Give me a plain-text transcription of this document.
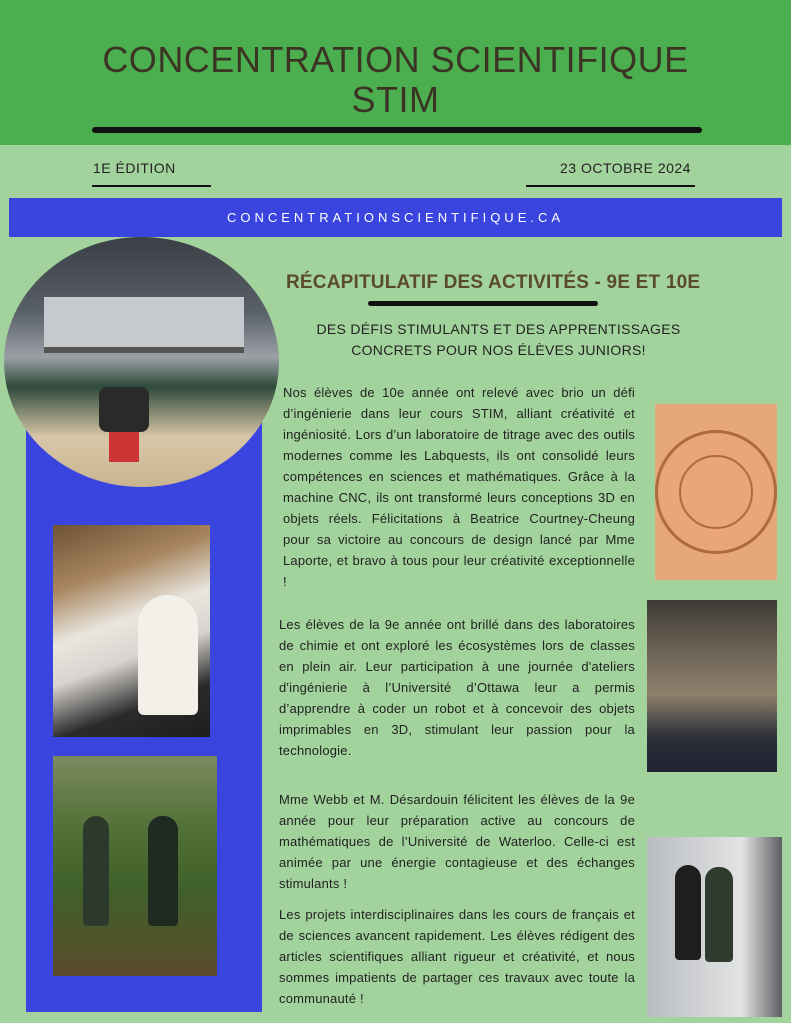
CONCENTRATION SCIENTIFIQUE
STIM
1E ÉDITION	23 OCTOBRE 2024
CONCENTRATIONSCIENTIFIQUE.CA
RÉCAPITULATIF DES ACTIVITÉS - 9E ET 10E
DES DÉFIS STIMULANTS ET DES APPRENTISSAGES
CONCRETS POUR NOS ÉLÈVES JUNIORS!
Nos élèves de 10e année ont relevé avec brio un défi d’ingénierie dans leur cours STIM, alliant créativité et ingéniosité. Lors d’un laboratoire de titrage avec des outils modernes comme les Labquests, ils ont consolidé leurs compétences en sciences et mathématiques. Grâce à la machine CNC, ils ont transformé leurs conceptions 3D en objets réels. Félicitations à Beatrice Courtney-Cheung pour sa victoire au concours de design lancé par Mme Laporte, et bravo à tous pour leur créativité exceptionnelle !
Les élèves de la 9e année ont brillé dans des laboratoires de chimie et ont exploré les écosystèmes lors de classes en plein air. Leur participation à une journée d'ateliers d'ingénierie à l’Université d’Ottawa leur a permis d’apprendre à coder un robot et à concevoir des objets imprimables en 3D, stimulant leur passion pour la technologie.
Mme Webb et M. Désardouin félicitent les élèves de la 9e année pour leur préparation active au concours de mathématiques de l’Université de Waterloo. Celle-ci est animée par une énergie contagieuse et des échanges stimulants !
Les projets interdisciplinaires dans les cours de français et de sciences avancent rapidement. Les élèves rédigent des articles scientifiques alliant rigueur et créativité, et nous sommes impatients de partager ces travaux avec toute la communauté !
